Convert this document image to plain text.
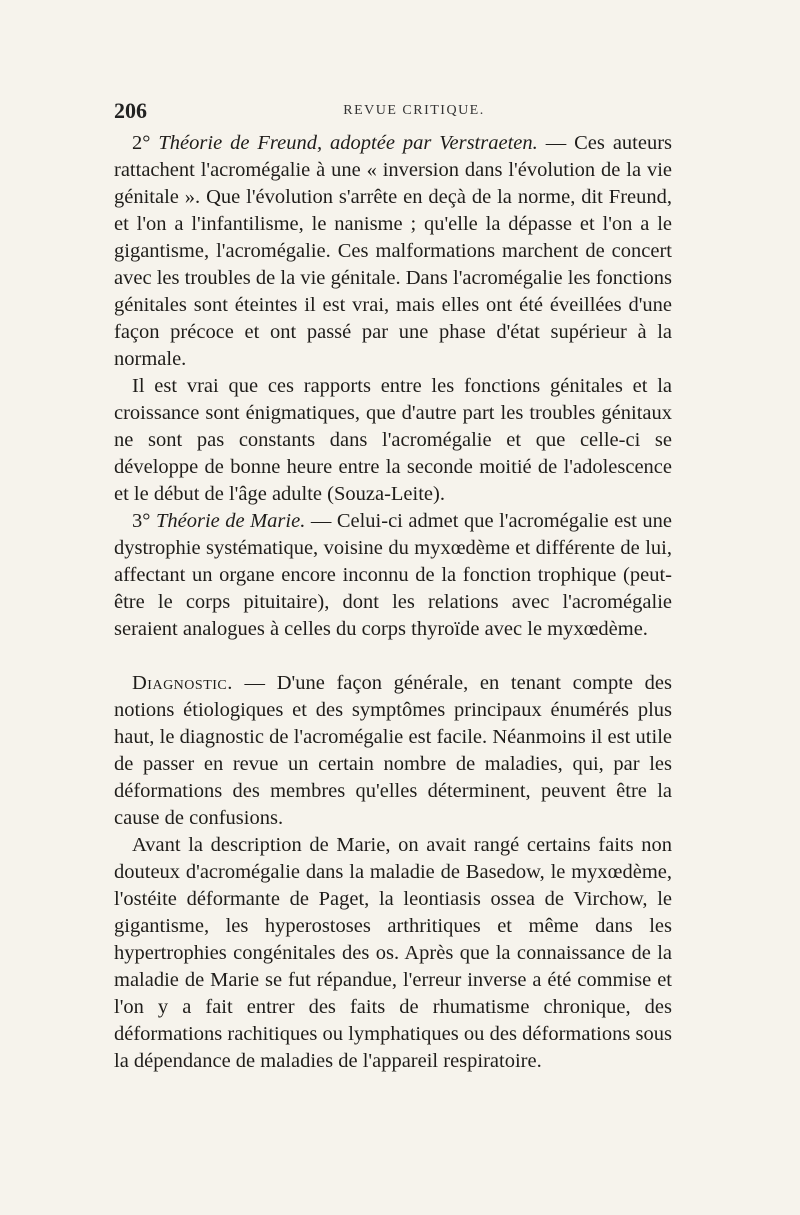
206	REVUE CRITIQUE.

2° Théorie de Freund, adoptée par Verstraeten. — Ces auteurs rattachent l'acromégalie à une « inversion dans l'évolution de la vie génitale ». Que l'évolution s'arrête en deçà de la norme, dit Freund, et l'on a l'infantilisme, le nanisme ; qu'elle la dépasse et l'on a le gigantisme, l'acromégalie. Ces malformations marchent de concert avec les troubles de la vie génitale. Dans l'acromégalie les fonctions génitales sont éteintes il est vrai, mais elles ont été éveillées d'une façon précoce et ont passé par une phase d'état supérieur à la normale.

Il est vrai que ces rapports entre les fonctions génitales et la croissance sont énigmatiques, que d'autre part les troubles génitaux ne sont pas constants dans l'acromégalie et que celle-ci se développe de bonne heure entre la seconde moitié de l'adolescence et le début de l'âge adulte (Souza-Leite).

3° Théorie de Marie. — Celui-ci admet que l'acromégalie est une dystrophie systématique, voisine du myxœdème et différente de lui, affectant un organe encore inconnu de la fonction trophique (peut-être le corps pituitaire), dont les relations avec l'acromégalie seraient analogues à celles du corps thyroïde avec le myxœdème.

Diagnostic. — D'une façon générale, en tenant compte des notions étiologiques et des symptômes principaux énumérés plus haut, le diagnostic de l'acromégalie est facile. Néanmoins il est utile de passer en revue un certain nombre de maladies, qui, par les déformations des membres qu'elles déterminent, peuvent être la cause de confusions.

Avant la description de Marie, on avait rangé certains faits non douteux d'acromégalie dans la maladie de Basedow, le myxœdème, l'ostéite déformante de Paget, la leontiasis ossea de Virchow, le gigantisme, les hyperostoses arthritiques et même dans les hypertrophies congénitales des os. Après que la connaissance de la maladie de Marie se fut répandue, l'erreur inverse a été commise et l'on y a fait entrer des faits de rhumatisme chronique, des déformations rachitiques ou lymphatiques ou des déformations sous la dépendance de maladies de l'appareil respiratoire.
